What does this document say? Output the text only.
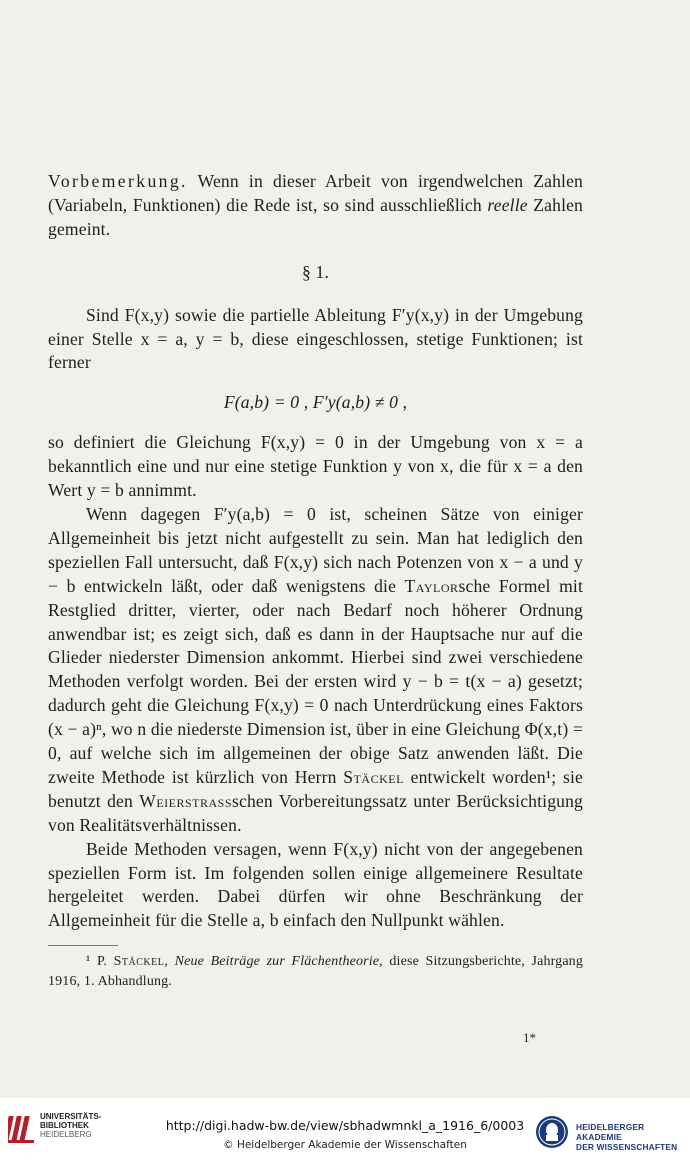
Vorbemerkung. Wenn in dieser Arbeit von irgendwelchen Zahlen (Variabeln, Funktionen) die Rede ist, so sind ausschließlich reelle Zahlen gemeint.

§ 1.

Sind F(x,y) sowie die partielle Ableitung F′y(x,y) in der Umgebung einer Stelle x = a, y = b, diese eingeschlossen, stetige Funktionen; ist ferner

F(a,b) = 0 , F′y(a,b) ≠ 0 ,

so definiert die Gleichung F(x,y) = 0 in der Umgebung von x = a bekanntlich eine und nur eine stetige Funktion y von x, die für x = a den Wert y = b annimmt.

Wenn dagegen F′y(a,b) = 0 ist, scheinen Sätze von einiger Allgemeinheit bis jetzt nicht aufgestellt zu sein. Man hat lediglich den speziellen Fall untersucht, daß F(x,y) sich nach Potenzen von x − a und y − b entwickeln läßt, oder daß wenigstens die Taylorsche Formel mit Restglied dritter, vierter, oder nach Bedarf noch höherer Ordnung anwendbar ist; es zeigt sich, daß es dann in der Hauptsache nur auf die Glieder niederster Dimension ankommt. Hierbei sind zwei verschiedene Methoden verfolgt worden. Bei der ersten wird y − b = t(x − a) gesetzt; dadurch geht die Gleichung F(x,y) = 0 nach Unterdrückung eines Faktors (x − a)ⁿ, wo n die niederste Dimension ist, über in eine Gleichung Φ(x,t) = 0, auf welche sich im allgemeinen der obige Satz anwenden läßt. Die zweite Methode ist kürzlich von Herrn Stäckel entwickelt worden¹; sie benutzt den Weierstrassschen Vorbereitungssatz unter Berücksichtigung von Realitätsverhältnissen.

Beide Methoden versagen, wenn F(x,y) nicht von der angegebenen speziellen Form ist. Im folgenden sollen einige allgemeinere Resultate hergeleitet werden. Dabei dürfen wir ohne Beschränkung der Allgemeinheit für die Stelle a, b einfach den Nullpunkt wählen.

¹ P. Stäckel, Neue Beiträge zur Flächentheorie, diese Sitzungsberichte, Jahrgang 1916, 1. Abhandlung.

1*
UNIVERSITÄTS-
BIBLIOTHEK
HEIDELBERG
http://digi.hadw-bw.de/view/sbhadwmnkl_a_1916_6/0003
© Heidelberger Akademie der Wissenschaften
HEIDELBERGER AKADEMIE
DER WISSENSCHAFTEN
